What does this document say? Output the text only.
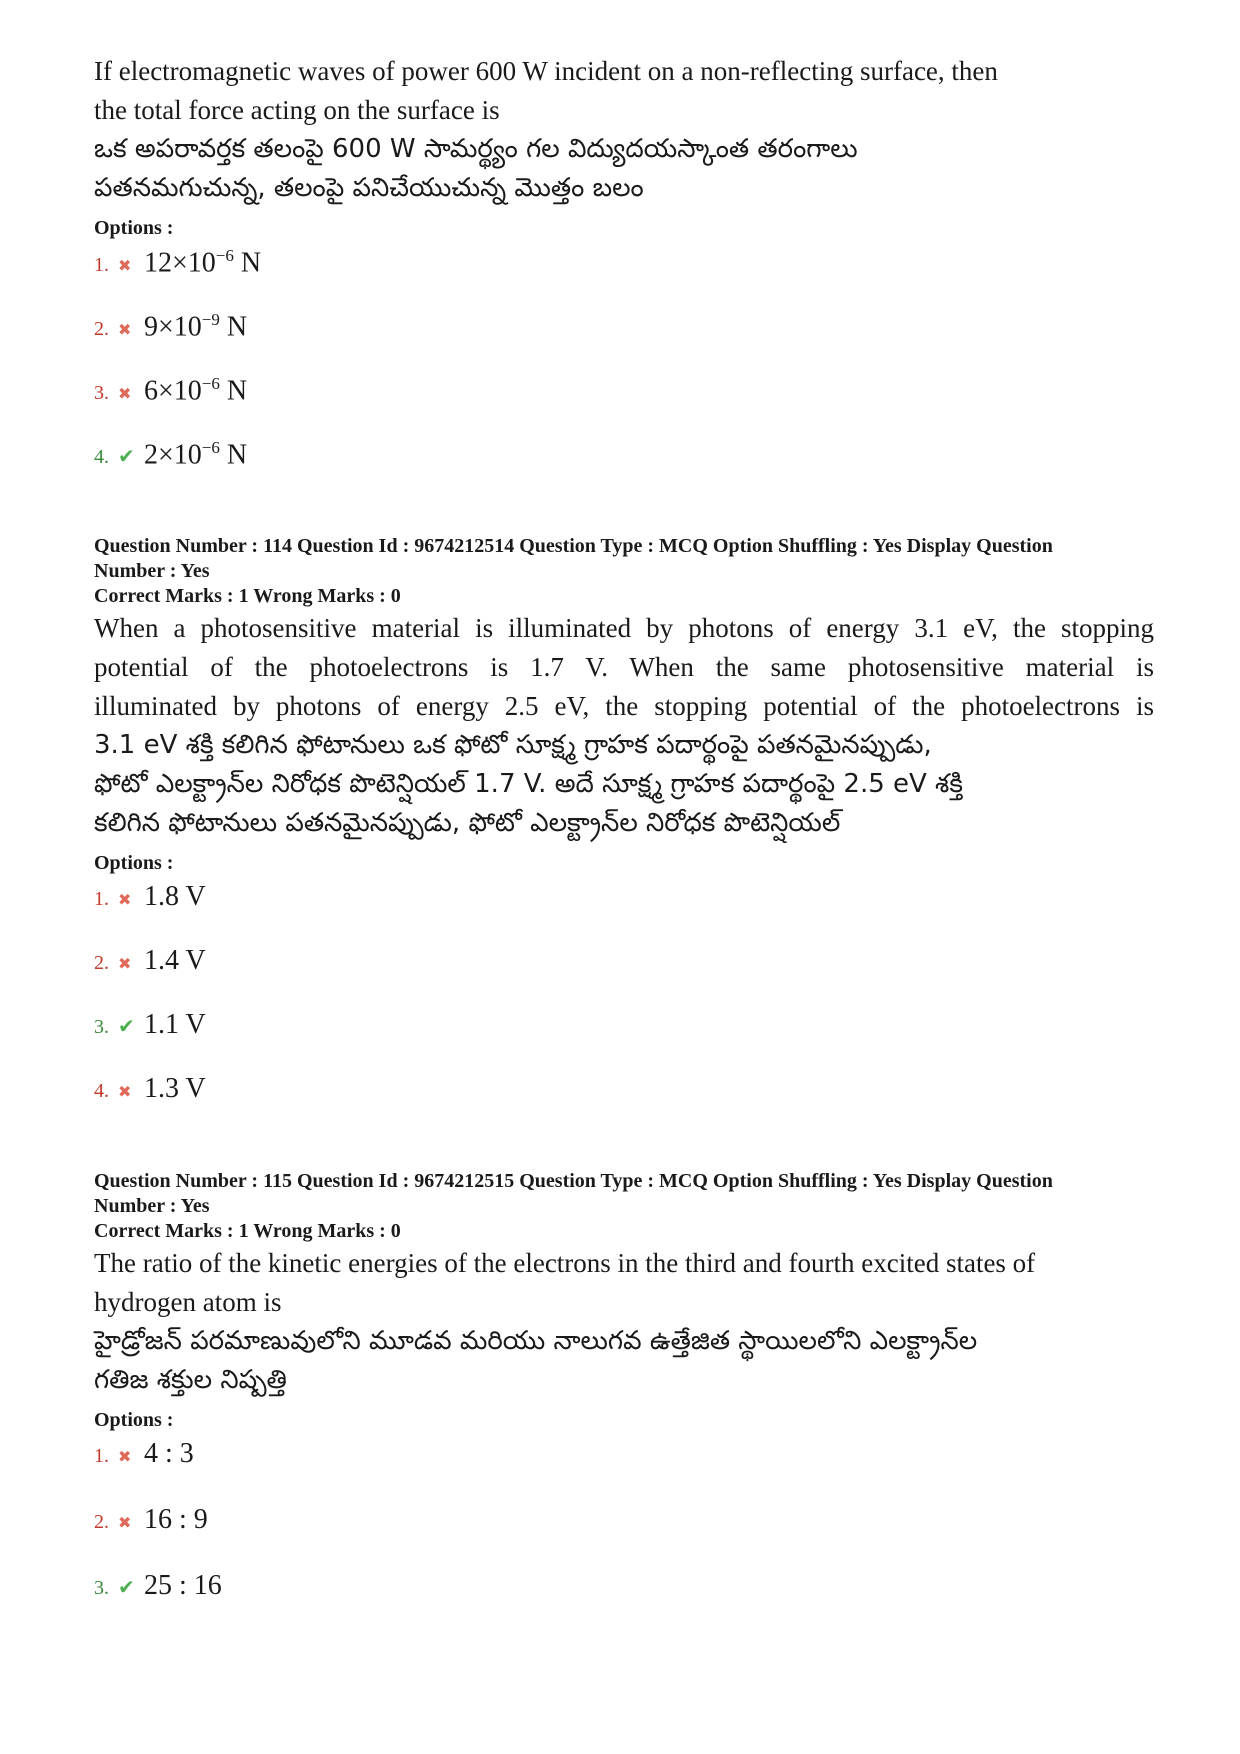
If electromagnetic waves of power 600 W incident on a non-reflecting surface, then

the total force acting on the surface is

ఒక అపరావర్తక తలంపై 600 W సామర్థ్యం గల విద్యుదయస్కాంత తరంగాలు

పతనమగుచున్న, తలంపై పనిచేయుచున్న మొత్తం బలం

Options :
1. ✖ $12\times 10^{-6}$ N
2. ✖ $9\times 10^{-9}$ N
3. ✖ $6\times 10^{-6}$ N
4. ✔ $2\times 10^{-6}$ N
Question Number : 114 Question Id : 9674212514 Question Type : MCQ Option Shuffling : Yes Display Question
Number : Yes
Correct Marks : 1 Wrong Marks : 0

When a photosensitive material is illuminated by photons of energy 3.1 eV, the stopping

potential of the photoelectrons is 1.7 V. When the same photosensitive material is

illuminated by photons of energy 2.5 eV, the stopping potential of the photoelectrons is

3.1 eV శక్తి కలిగిన ఫోటానులు ఒక ఫోటో సూక్ష్మ గ్రాహక పదార్థంపై పతనమైనప్పుడు,

ఫోటో ఎలక్ట్రాన్‌ల నిరోధక పొటెన్షియల్ 1.7 V. అదే సూక్ష్మ గ్రాహక పదార్థంపై 2.5 eV శక్తి

కలిగిన ఫోటానులు పతనమైనప్పుడు, ఫోటో ఎలక్ట్రాన్‌ల నిరోధక పొటెన్షియల్

Options :
1. ✖ 1.8 V
2. ✖ 1.4 V
3. ✔ 1.1 V
4. ✖ 1.3 V
Question Number : 115 Question Id : 9674212515 Question Type : MCQ Option Shuffling : Yes Display Question
Number : Yes
Correct Marks : 1 Wrong Marks : 0

The ratio of the kinetic energies of the electrons in the third and fourth excited states of

hydrogen atom is

హైడ్రోజన్ పరమాణువులోని మూడవ మరియు నాలుగవ ఉత్తేజిత స్థాయిలలోని ఎలక్ట్రాన్‌ల

గతిజ శక్తుల నిష్పత్తి

Options :
1. ✖ 4 : 3
2. ✖ 16 : 9
3. ✔ 25 : 16
